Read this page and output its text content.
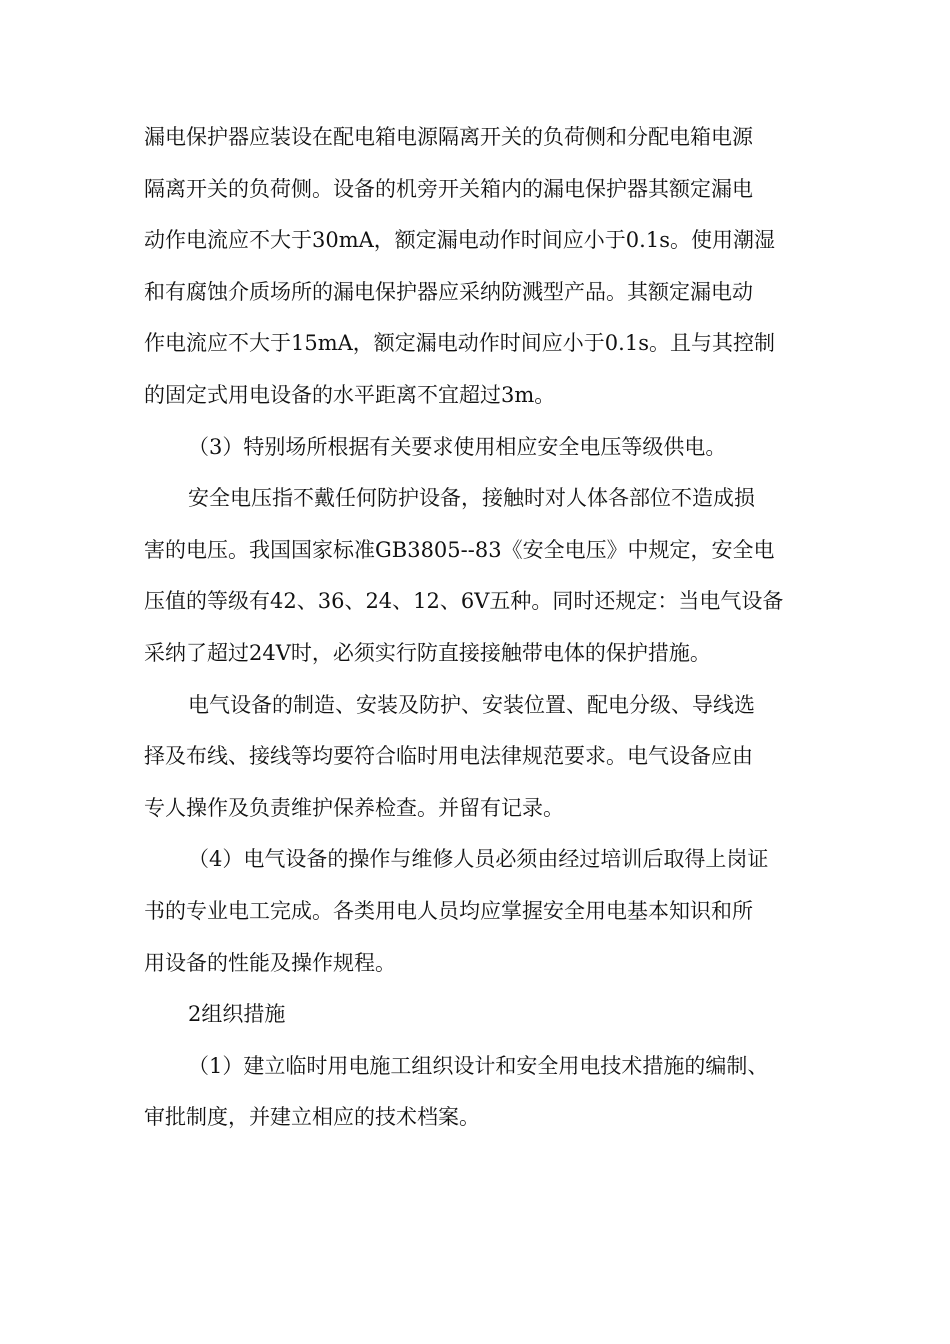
漏电保护器应装设在配电箱电源隔离开关的负荷侧和分配电箱电源
隔离开关的负荷侧。设备的机旁开关箱内的漏电保护器其额定漏电
动作电流应不大于30mA，额定漏电动作时间应小于0.1s。使用潮湿
和有腐蚀介质场所的漏电保护器应采纳防溅型产品。其额定漏电动
作电流应不大于15mA，额定漏电动作时间应小于0.1s。且与其控制
的固定式用电设备的水平距离不宜超过3m。
（3）特别场所根据有关要求使用相应安全电压等级供电。
安全电压指不戴任何防护设备，接触时对人体各部位不造成损
害的电压。我国国家标准GB3805--83《安全电压》中规定，安全电
压值的等级有42、36、24、12、6V五种。同时还规定：当电气设备
采纳了超过24V时，必须实行防直接接触带电体的保护措施。
电气设备的制造、安装及防护、安装位置、配电分级、导线选
择及布线、接线等均要符合临时用电法律规范要求。电气设备应由
专人操作及负责维护保养检查。并留有记录。
（4）电气设备的操作与维修人员必须由经过培训后取得上岗证
书的专业电工完成。各类用电人员均应掌握安全用电基本知识和所
用设备的性能及操作规程。
2组织措施
（1）建立临时用电施工组织设计和安全用电技术措施的编制、
审批制度，并建立相应的技术档案。
